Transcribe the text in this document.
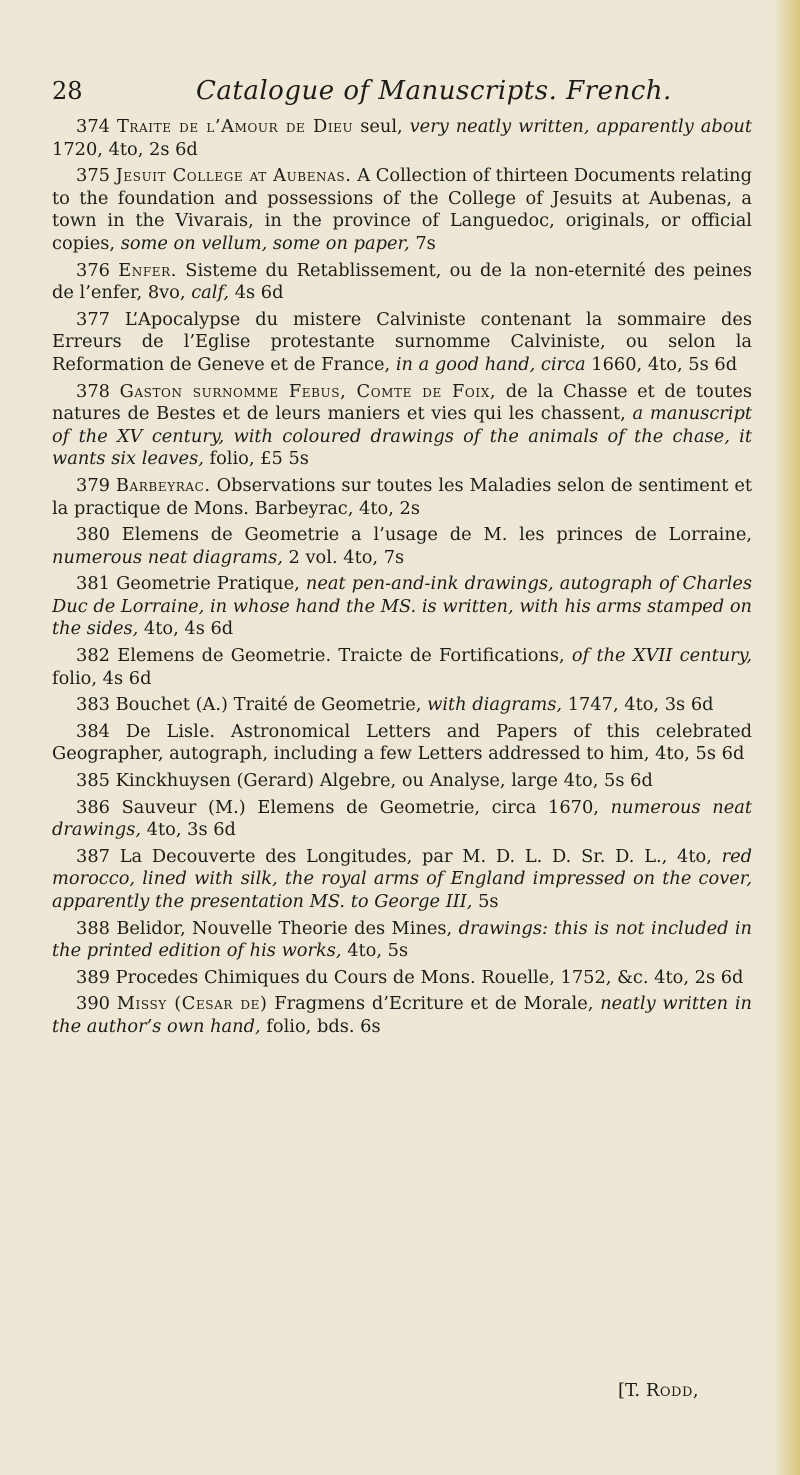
28	Catalogue of Manuscripts. French.

374 Traite de l’Amour de Dieu seul, very neatly written, apparently about 1720, 4to, 2s 6d

375 Jesuit College at Aubenas. A Collection of thirteen Documents relating to the foundation and possessions of the College of Jesuits at Aubenas, a town in the Vivarais, in the province of Languedoc, originals, or official copies, some on vellum, some on paper, 7s

376 Enfer. Sisteme du Retablissement, ou de la non-eternité des peines de l’enfer, 8vo, calf, 4s 6d

377 L’Apocalypse du mistere Calviniste contenant la sommaire des Erreurs de l’Eglise protestante surnomme Calviniste, ou selon la Reformation de Geneve et de France, in a good hand, circa 1660, 4to, 5s 6d

378 Gaston surnomme Febus, Comte de Foix, de la Chasse et de toutes natures de Bestes et de leurs maniers et vies qui les chassent, a manuscript of the XV century, with coloured drawings of the animals of the chase, it wants six leaves, folio, £5 5s

379 Barbeyrac. Observations sur toutes les Maladies selon de sentiment et la practique de Mons. Barbeyrac, 4to, 2s

380 Elemens de Geometrie a l’usage de M. les princes de Lorraine, numerous neat diagrams, 2 vol. 4to, 7s

381 Geometrie Pratique, neat pen-and-ink drawings, autograph of Charles Duc de Lorraine, in whose hand the MS. is written, with his arms stamped on the sides, 4to, 4s 6d

382 Elemens de Geometrie. Traicte de Fortifications, of the XVII century, folio, 4s 6d

383 Bouchet (A.) Traité de Geometrie, with diagrams, 1747, 4to, 3s 6d

384 De Lisle. Astronomical Letters and Papers of this celebrated Geographer, autograph, including a few Letters addressed to him, 4to, 5s 6d

385 Kinckhuysen (Gerard) Algebre, ou Analyse, large 4to, 5s 6d

386 Sauveur (M.) Elemens de Geometrie, circa 1670, numerous neat drawings, 4to, 3s 6d

387 La Decouverte des Longitudes, par M. D. L. D. Sr. D. L., 4to, red morocco, lined with silk, the royal arms of England impressed on the cover, apparently the presentation MS. to George III, 5s

388 Belidor, Nouvelle Theorie des Mines, drawings: this is not included in the printed edition of his works, 4to, 5s

389 Procedes Chimiques du Cours de Mons. Rouelle, 1752, &c. 4to, 2s 6d

390 Missy (Cesar de) Fragmens d’Ecriture et de Morale, neatly written in the author’s own hand, folio, bds. 6s

[T. Rodd,
